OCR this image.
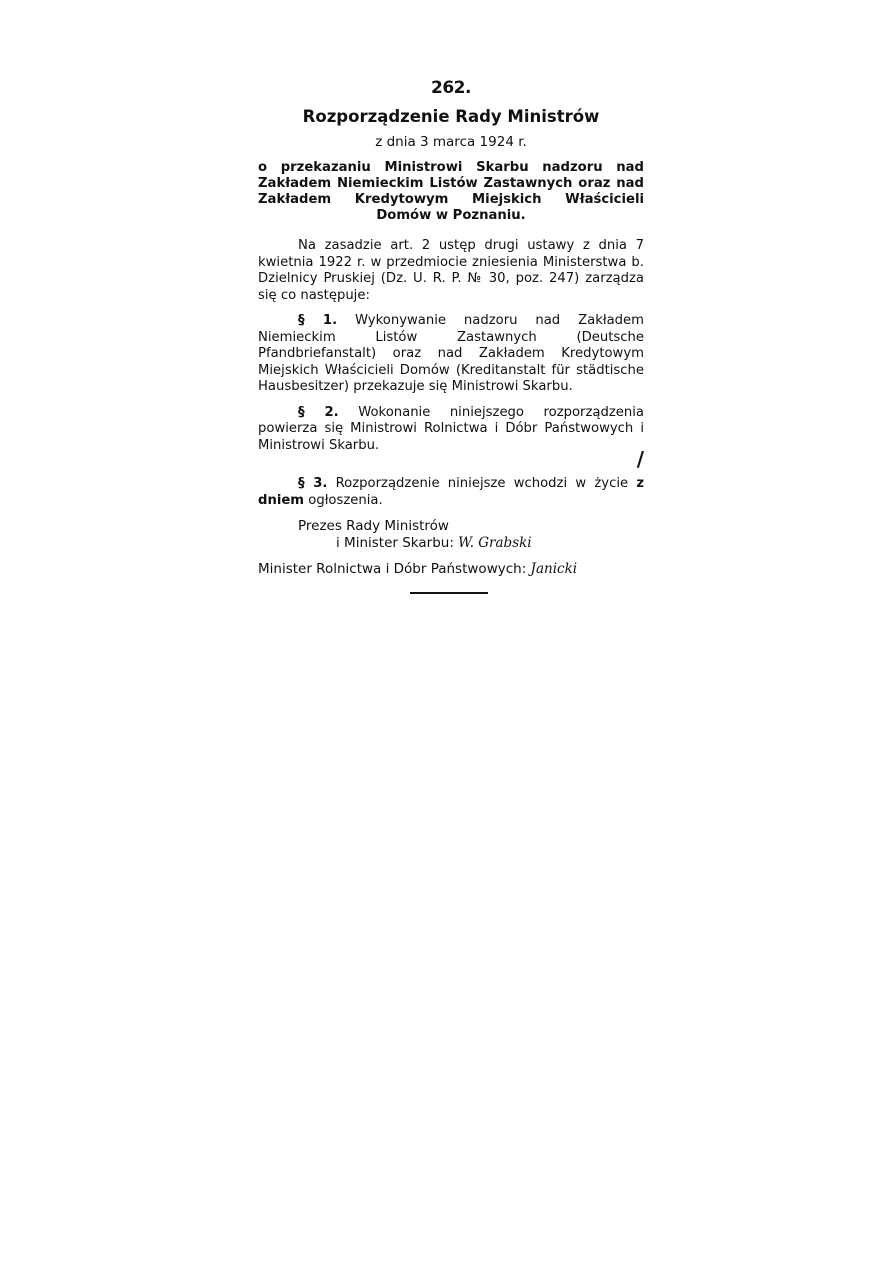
262.
Rozporządzenie Rady Ministrów
z dnia 3 marca 1924 r.
o przekazaniu Ministrowi Skarbu nadzoru nad Zakładem Niemieckim Listów Zastawnych oraz nad Zakładem Kredytowym Miejskich Właścicieli Domów w Poznaniu.

Na zasadzie art. 2 ustęp drugi ustawy z dnia 7 kwietnia 1922 r. w przedmiocie zniesienia Ministerstwa b. Dzielnicy Pruskiej (Dz. U. R. P. № 30, poz. 247) zarządza się co następuje:

§ 1. Wykonywanie nadzoru nad Zakładem Niemieckim Listów Zastawnych (Deutsche Pfandbriefanstalt) oraz nad Zakładem Kredytowym Miejskich Właścicieli Domów (Kreditanstalt für städtische Hausbesitzer) przekazuje się Ministrowi Skarbu.

§ 2. Wokonanie niniejszego rozporządzenia powierza się Ministrowi Rolnictwa i Dóbr Państwowych i Ministrowi Skarbu.

/

§ 3. Rozporządzenie niniejsze wchodzi w życie z dniem ogłoszenia.

Prezes Rady Ministrów
i Minister Skarbu: W. Grabski
Minister Rolnictwa i Dóbr Państwowych: Janicki
